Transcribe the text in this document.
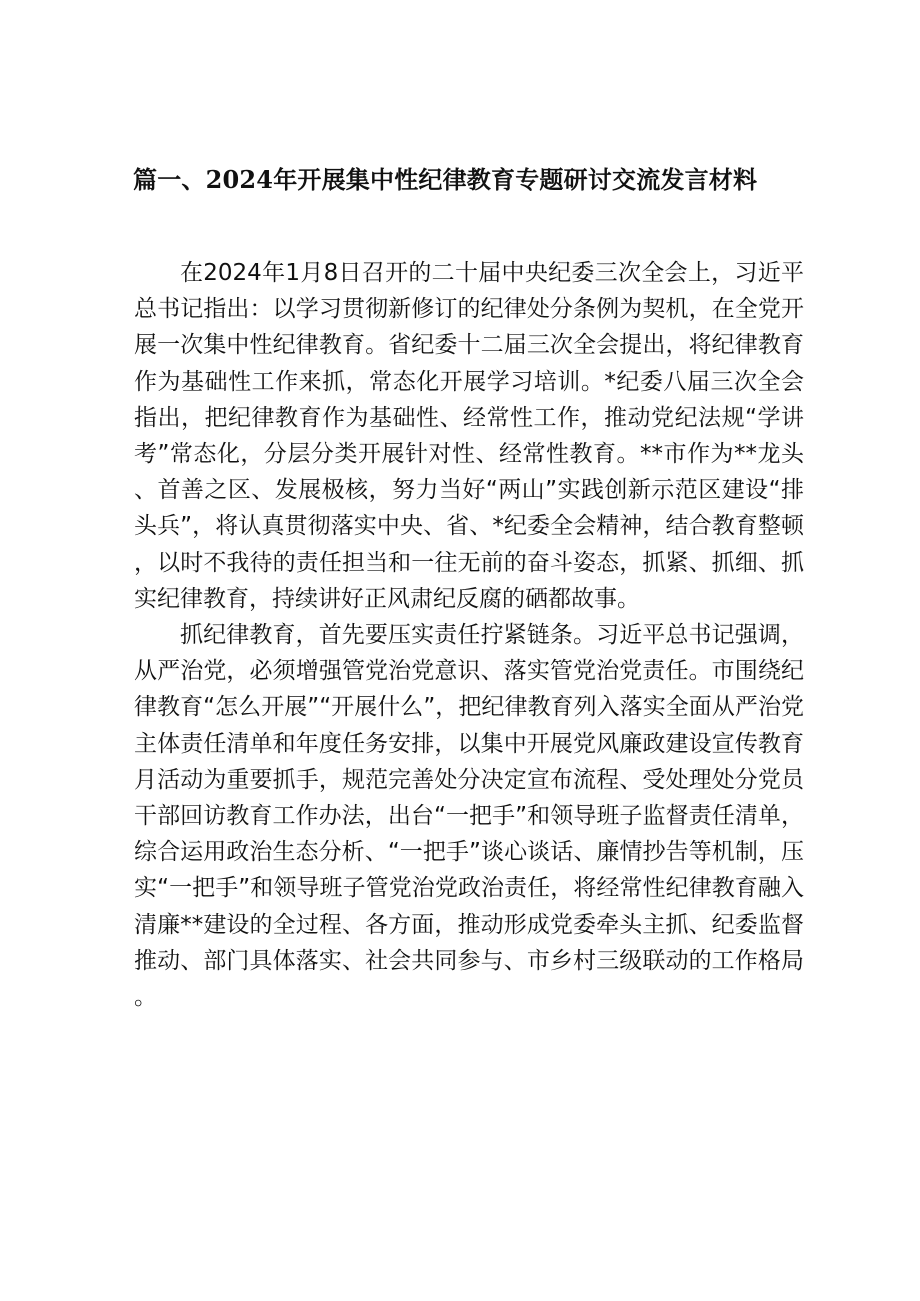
篇一、2024年开展集中性纪律教育专题研讨交流发言材料

在2024年1月8日召开的二十届中央纪委三次全会上，习近平总书记指出：以学习贯彻新修订的纪律处分条例为契机，在全党开展一次集中性纪律教育。省纪委十二届三次全会提出，将纪律教育作为基础性工作来抓，常态化开展学习培训。*纪委八届三次全会指出，把纪律教育作为基础性、经常性工作，推动党纪法规“学讲考”常态化，分层分类开展针对性、经常性教育。**市作为**龙头、首善之区、发展极核，努力当好“两山”实践创新示范区建设“排头兵”，将认真贯彻落实中央、省、*纪委全会精神，结合教育整顿，以时不我待的责任担当和一往无前的奋斗姿态，抓紧、抓细、抓实纪律教育，持续讲好正风肃纪反腐的硒都故事。

抓纪律教育，首先要压实责任拧紧链条。习近平总书记强调，从严治党，必须增强管党治党意识、落实管党治党责任。市围绕纪律教育“怎么开展”“开展什么”，把纪律教育列入落实全面从严治党主体责任清单和年度任务安排，以集中开展党风廉政建设宣传教育月活动为重要抓手，规范完善处分决定宣布流程、受处理处分党员干部回访教育工作办法，出台“一把手”和领导班子监督责任清单，综合运用政治生态分析、“一把手”谈心谈话、廉情抄告等机制，压实“一把手”和领导班子管党治党政治责任，将经常性纪律教育融入清廉**建设的全过程、各方面，推动形成党委牵头主抓、纪委监督推动、部门具体落实、社会共同参与、市乡村三级联动的工作格局。
